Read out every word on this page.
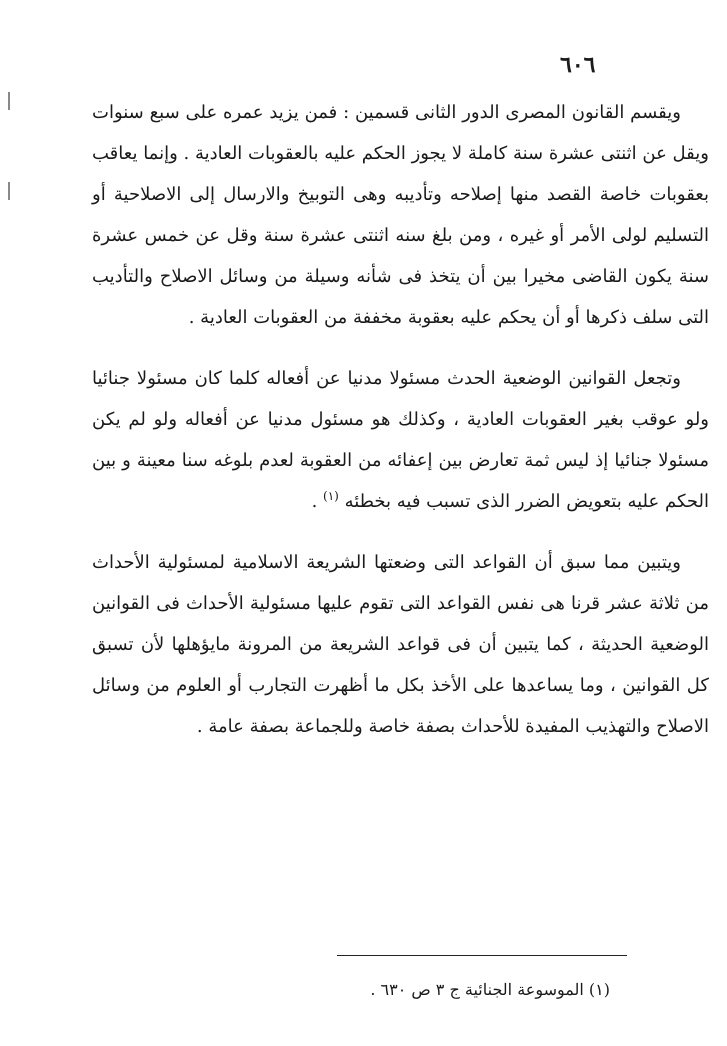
٦٠٦

ويقسم القانون المصرى الدور الثانى قسمين : فمن يزيد عمره على سبع سنوات ويقل عن اثنتى عشرة سنة كاملة لا يجوز الحكم عليه بالعقوبات العادية . وإنما يعاقب بعقوبات خاصة القصد منها إصلاحه وتأديبه وهى التوبيخ والارسال إلى الاصلاحية أو التسليم لولى الأمر أو غيره ، ومن بلغ سنه اثنتى عشرة سنة وقل عن خمس عشرة سنة يكون القاضى مخيرا بين أن يتخذ فى شأنه وسيلة من وسائل الاصلاح والتأديب التى سلف ذكرها أو أن يحكم عليه بعقوبة مخففة من العقوبات العادية .

وتجعل القوانين الوضعية الحدث مسئولا مدنيا عن أفعاله كلما كان مسئولا جنائيا ولو عوقب بغير العقوبات العادية ، وكذلك هو مسئول مدنيا عن أفعاله ولو لم يكن مسئولا جنائيا إذ ليس ثمة تعارض بين إعفائه من العقوبة لعدم بلوغه سنا معينة و بين الحكم عليه بتعويض الضرر الذى تسبب فيه بخطئه $^{(١)}$ .

ويتبين مما سبق أن القواعد التى وضعتها الشريعة الاسلامية لمسئولية الأحداث من ثلاثة عشر قرنا هى نفس القواعد التى تقوم عليها مسئولية الأحداث فى القوانين الوضعية الحديثة ، كما يتبين أن فى قواعد الشريعة من المرونة مايؤهلها لأن تسبق كل القوانين ، وما يساعدها على الأخذ بكل ما أظهرت التجارب أو العلوم من وسائل الاصلاح والتهذيب المفيدة للأحداث بصفة خاصة وللجماعة بصفة عامة .

(١) الموسوعة الجنائية ج ٣ ص ٦٣٠ .
